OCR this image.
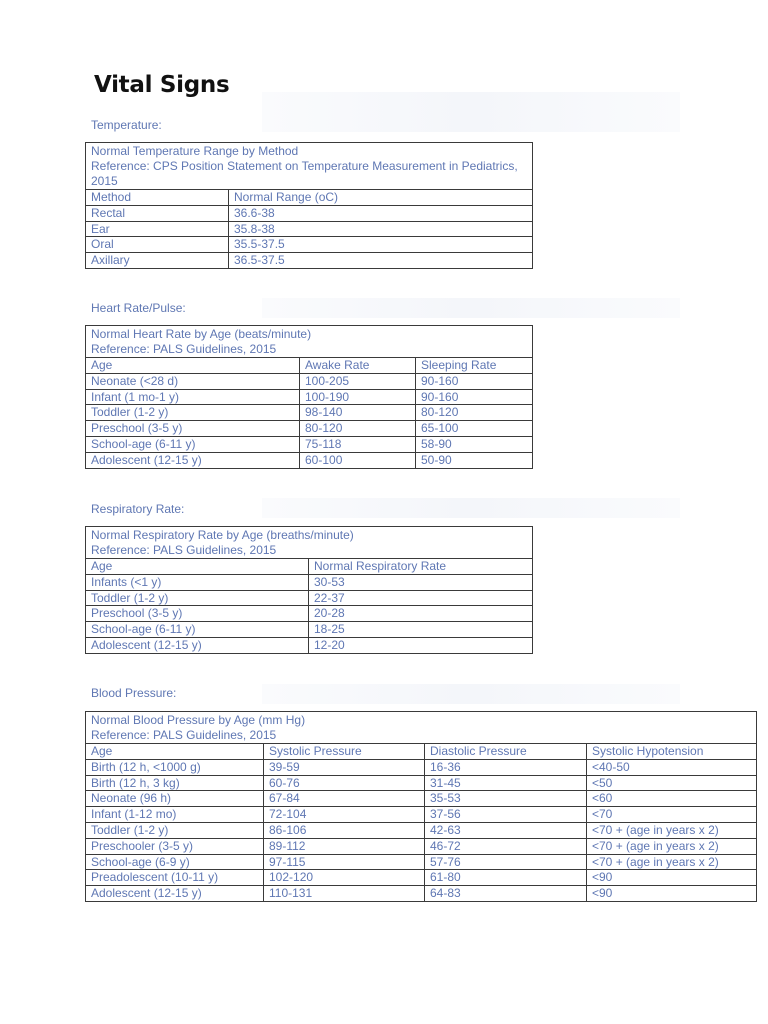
Vital Signs
Temperature:
Normal Temperature Range by Method
Reference: CPS Position Statement on Temperature Measurement in Pediatrics, 2015	

Method	Normal Range (oC)
Rectal	36.6-38
Ear	35.8-38
Oral	35.5-37.5
Axillary	36.5-37.5
Heart Rate/Pulse:
Normal Heart Rate by Age (beats/minute)
Reference: PALS Guidelines, 2015		

Age	Awake Rate	Sleeping Rate
Neonate (<28 d)	100-205	90-160
Infant (1 mo-1 y)	100-190	90-160
Toddler (1-2 y)	98-140	80-120
Preschool (3-5 y)	80-120	65-100
School-age (6-11 y)	75-118	58-90
Adolescent (12-15 y)	60-100	50-90
Respiratory Rate:
Normal Respiratory Rate by Age (breaths/minute)
Reference: PALS Guidelines, 2015	

Age	Normal Respiratory Rate
Infants (<1 y)	30-53
Toddler (1-2 y)	22-37
Preschool (3-5 y)	20-28
School-age (6-11 y)	18-25
Adolescent (12-15 y)	12-20
Blood Pressure:
Normal Blood Pressure by Age (mm Hg)
Reference: PALS Guidelines, 2015			

Age	Systolic Pressure	Diastolic Pressure	Systolic Hypotension
Birth (12 h, <1000 g)	39-59	16-36	<40-50
Birth (12 h, 3 kg)	60-76	31-45	<50
Neonate (96 h)	67-84	35-53	<60
Infant (1-12 mo)	72-104	37-56	<70
Toddler (1-2 y)	86-106	42-63	<70 + (age in years x 2)
Preschooler (3-5 y)	89-112	46-72	<70 + (age in years x 2)
School-age (6-9 y)	97-115	57-76	<70 + (age in years x 2)
Preadolescent (10-11 y)	102-120	61-80	<90
Adolescent (12-15 y)	110-131	64-83	<90
